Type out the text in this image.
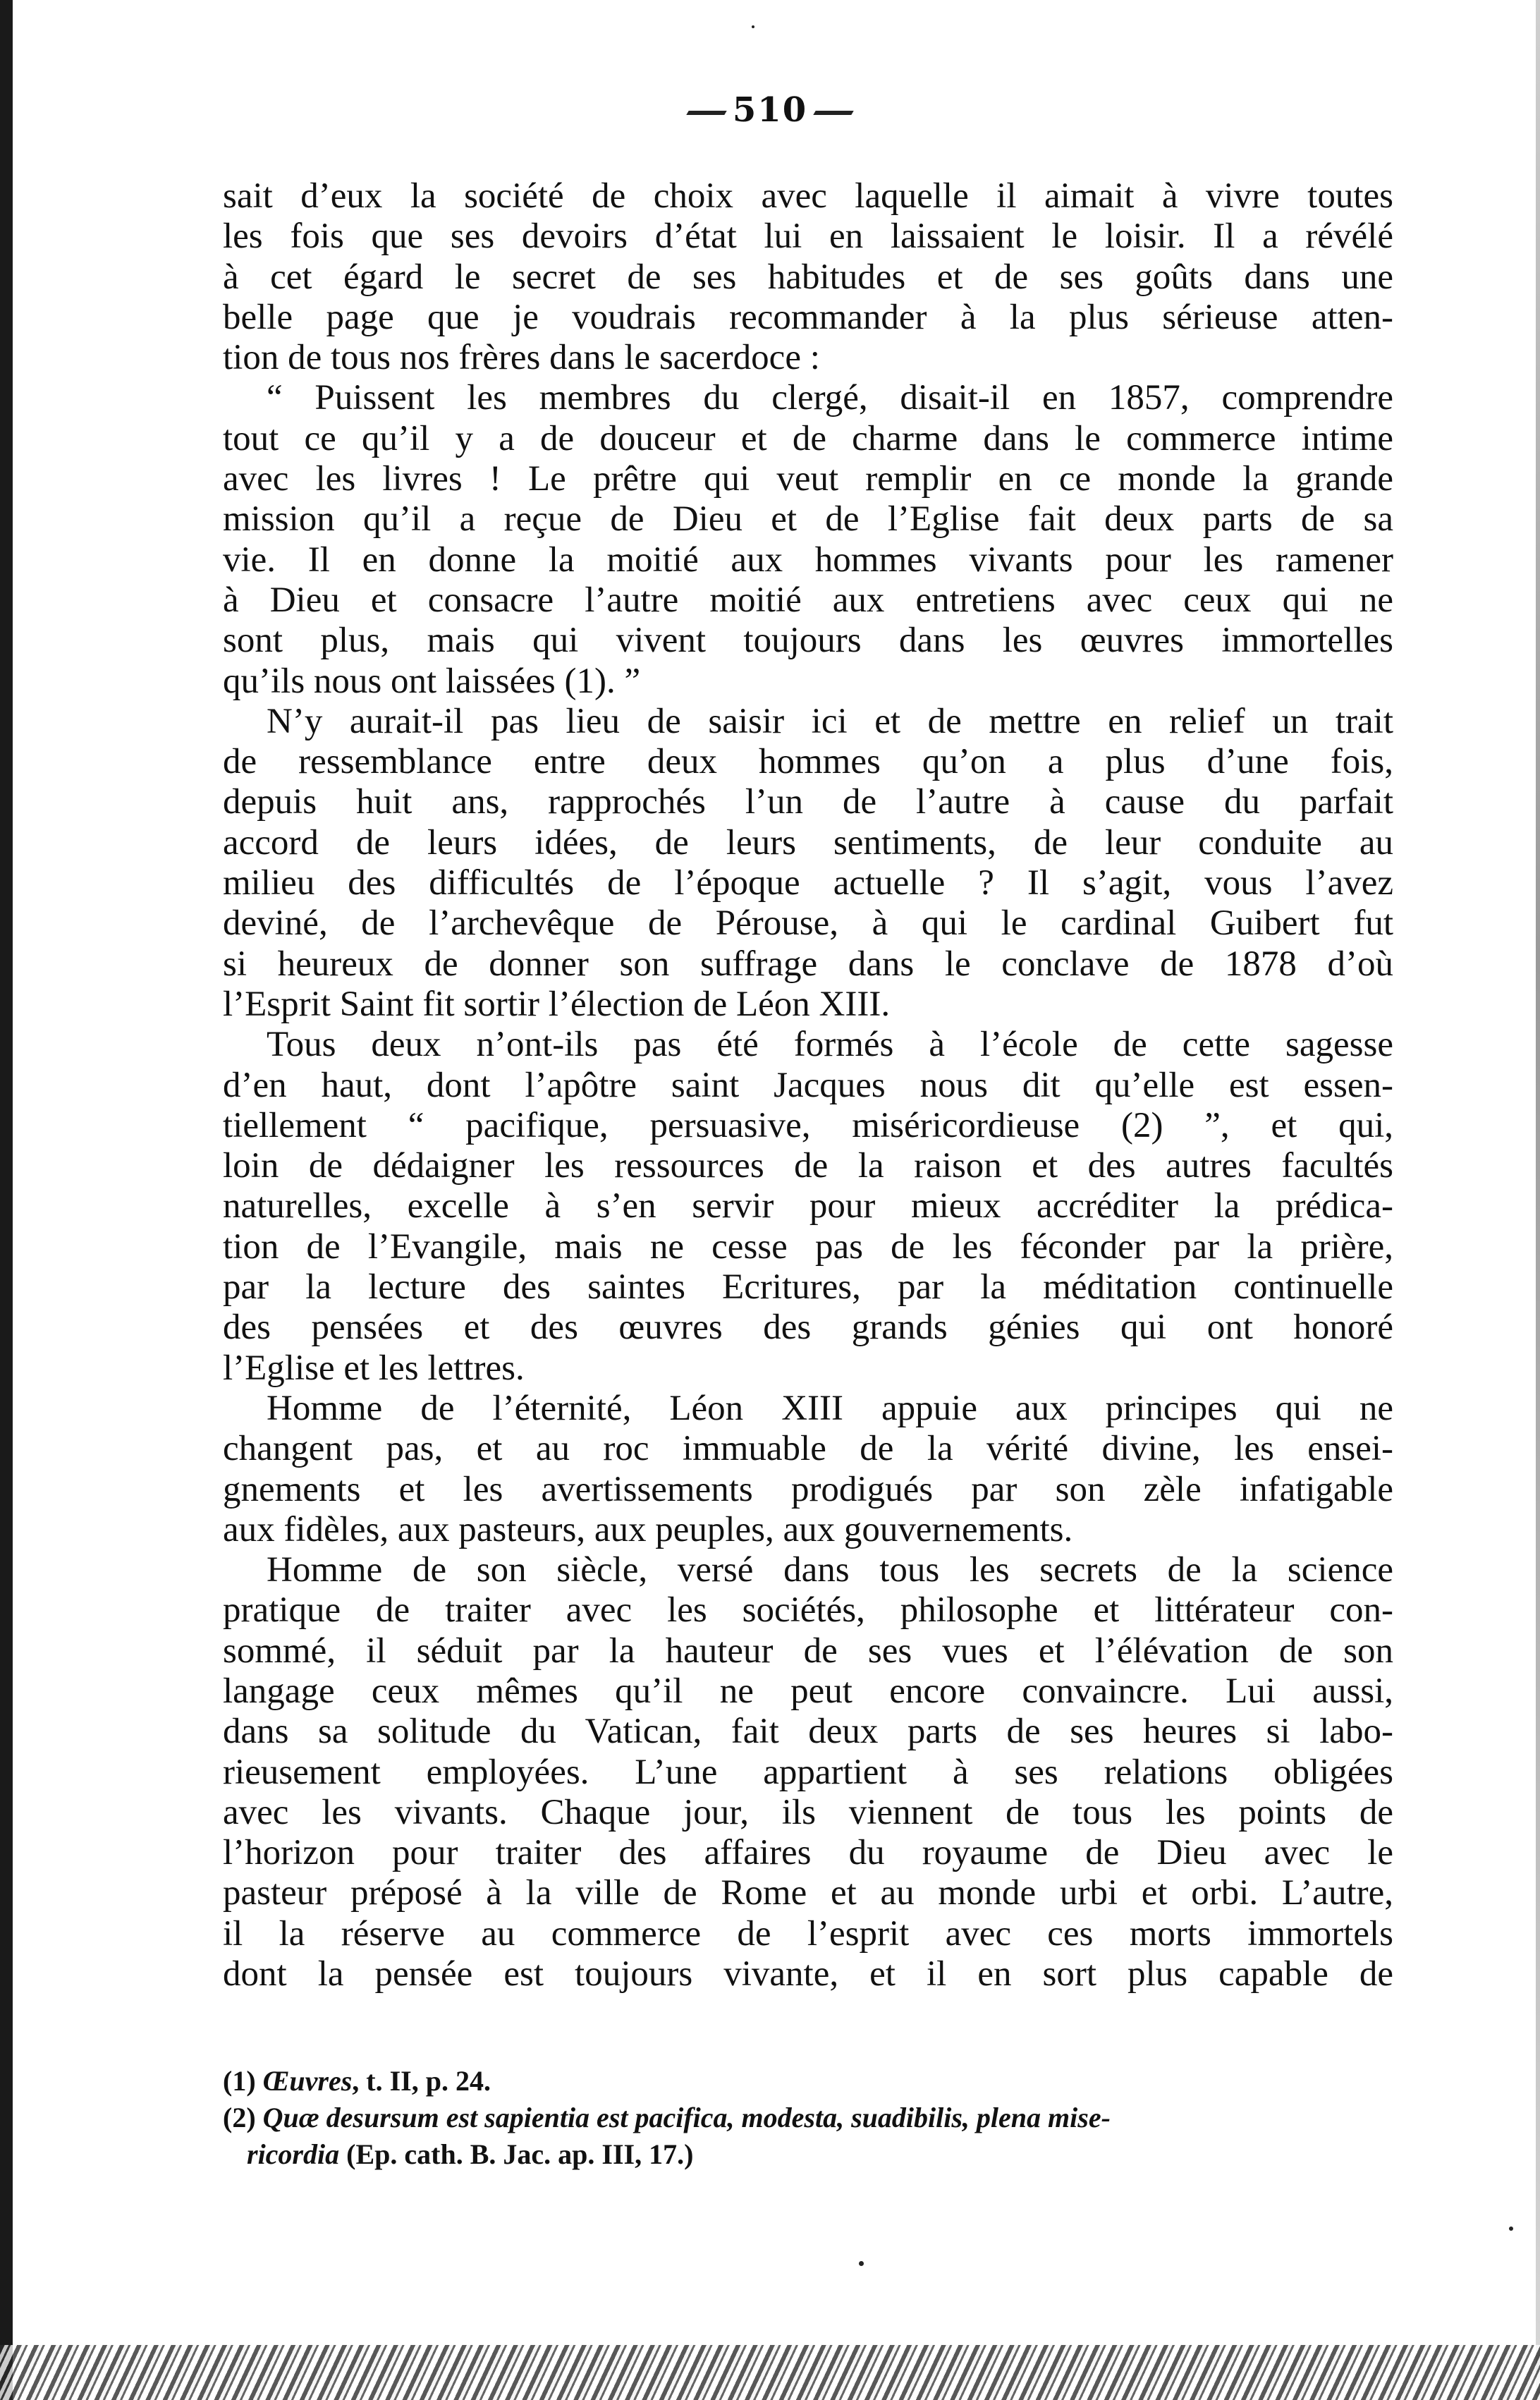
510
sait d’eux la société de choix avec laquelle il aimait à vivre toutes
les fois que ses devoirs d’état lui en laissaient le loisir. Il a révélé
à cet égard le secret de ses habitudes et de ses goûts dans une
belle page que je voudrais recommander à la plus sérieuse atten-
tion de tous nos frères dans le sacerdoce :
“ Puissent les membres du clergé, disait-il en 1857, comprendre
tout ce qu’il y a de douceur et de charme dans le commerce intime
avec les livres ! Le prêtre qui veut remplir en ce monde la grande
mission qu’il a reçue de Dieu et de l’Eglise fait deux parts de sa
vie. Il en donne la moitié aux hommes vivants pour les ramener
à Dieu et consacre l’autre moitié aux entretiens avec ceux qui ne
sont plus, mais qui vivent toujours dans les œuvres immortelles
qu’ils nous ont laissées (1). ”
N’y aurait-il pas lieu de saisir ici et de mettre en relief un trait
de ressemblance entre deux hommes qu’on a plus d’une fois,
depuis huit ans, rapprochés l’un de l’autre à cause du parfait
accord de leurs idées, de leurs sentiments, de leur conduite au
milieu des difficultés de l’époque actuelle ? Il s’agit, vous l’avez
deviné, de l’archevêque de Pérouse, à qui le cardinal Guibert fut
si heureux de donner son suffrage dans le conclave de 1878 d’où
l’Esprit Saint fit sortir l’élection de Léon XIII.
Tous deux n’ont-ils pas été formés à l’école de cette sagesse
d’en haut, dont l’apôtre saint Jacques nous dit qu’elle est essen-
tiellement “ pacifique, persuasive, miséricordieuse (2) ”, et qui,
loin de dédaigner les ressources de la raison et des autres facultés
naturelles, excelle à s’en servir pour mieux accréditer la prédica-
tion de l’Evangile, mais ne cesse pas de les féconder par la prière,
par la lecture des saintes Ecritures, par la méditation continuelle
des pensées et des œuvres des grands génies qui ont honoré
l’Eglise et les lettres.
Homme de l’éternité, Léon XIII appuie aux principes qui ne
changent pas, et au roc immuable de la vérité divine, les ensei-
gnements et les avertissements prodigués par son zèle infatigable
aux fidèles, aux pasteurs, aux peuples, aux gouvernements.
Homme de son siècle, versé dans tous les secrets de la science
pratique de traiter avec les sociétés, philosophe et littérateur con-
sommé, il séduit par la hauteur de ses vues et l’élévation de son
langage ceux mêmes qu’il ne peut encore convaincre. Lui aussi,
dans sa solitude du Vatican, fait deux parts de ses heures si labo-
rieusement employées. L’une appartient à ses relations obligées
avec les vivants. Chaque jour, ils viennent de tous les points de
l’horizon pour traiter des affaires du royaume de Dieu avec le
pasteur préposé à la ville de Rome et au monde urbi et orbi. L’autre,
il la réserve au commerce de l’esprit avec ces morts immortels
dont la pensée est toujours vivante, et il en sort plus capable de
(1) Œuvres, t. II, p. 24.
(2) Quæ desursum est sapientia est pacifica, modesta, suadibilis, plena mise-
ricordia (Ep. cath. B. Jac. ap. III, 17.)
